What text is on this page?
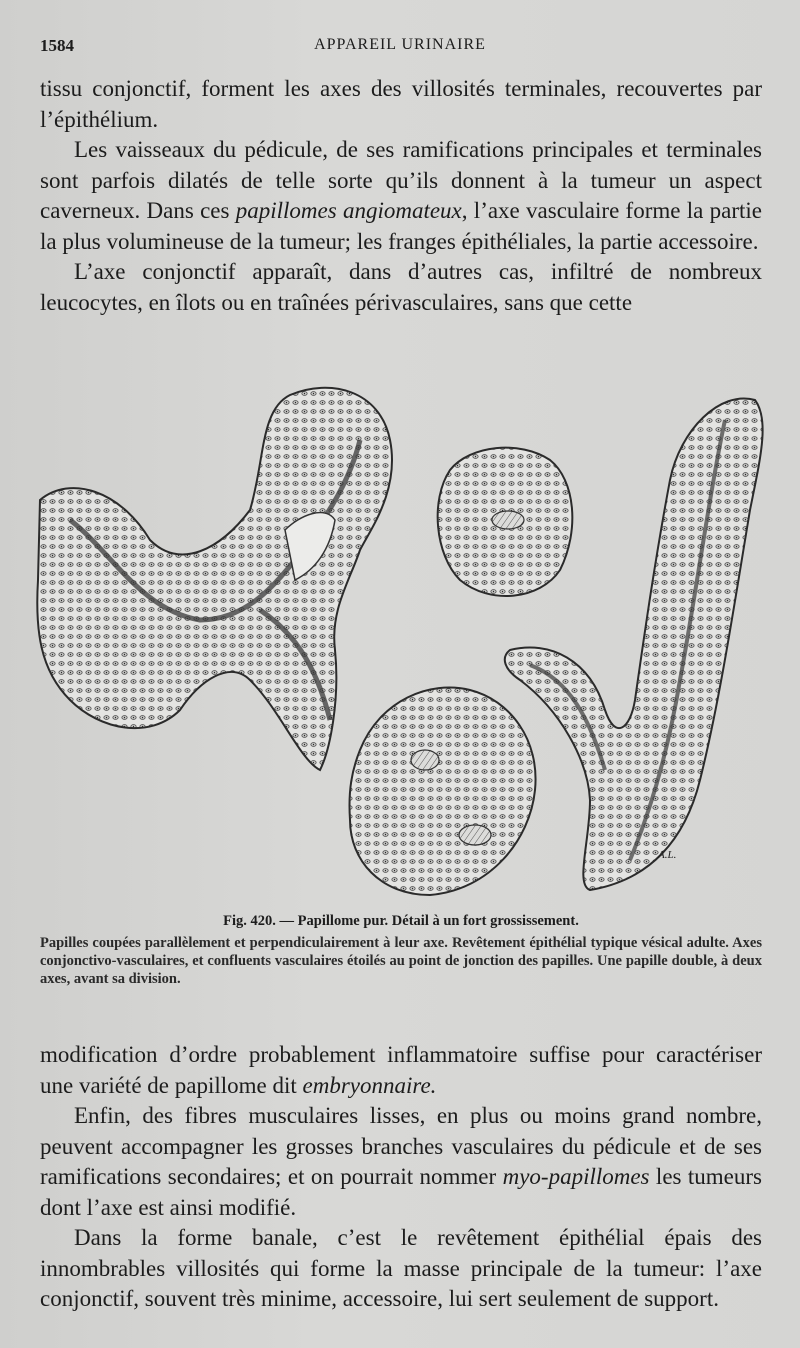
1584	APPAREIL URINAIRE

tissu conjonctif, forment les axes des villosités terminales, recouvertes par l’épithélium.

Les vaisseaux du pédicule, de ses ramifications principales et terminales sont parfois dilatés de telle sorte qu’ils donnent à la tumeur un aspect caverneux. Dans ces papillomes angiomateux, l’axe vasculaire forme la partie la plus volumineuse de la tumeur; les franges épithéliales, la partie accessoire.

L’axe conjonctif apparaît, dans d’autres cas, infiltré de nombreux leucocytes, en îlots ou en traînées périvasculaires, sans que cette

A.L.

Fig. 420. — Papillome pur. Détail à un fort grossissement.

Papilles coupées parallèlement et perpendiculairement à leur axe. Revêtement épithélial typique vésical adulte. Axes conjonctivo-vasculaires, et confluents vasculaires étoilés au point de jonction des papilles. Une papille double, à deux axes, avant sa division.

modification d’ordre probablement inflammatoire suffise pour caractériser une variété de papillome dit embryonnaire.

Enfin, des fibres musculaires lisses, en plus ou moins grand nombre, peuvent accompagner les grosses branches vasculaires du pédicule et de ses ramifications secondaires; et on pourrait nommer myo-papillomes les tumeurs dont l’axe est ainsi modifié.

Dans la forme banale, c’est le revêtement épithélial épais des innombrables villosités qui forme la masse principale de la tumeur: l’axe conjonctif, souvent très minime, accessoire, lui sert seulement de support.
